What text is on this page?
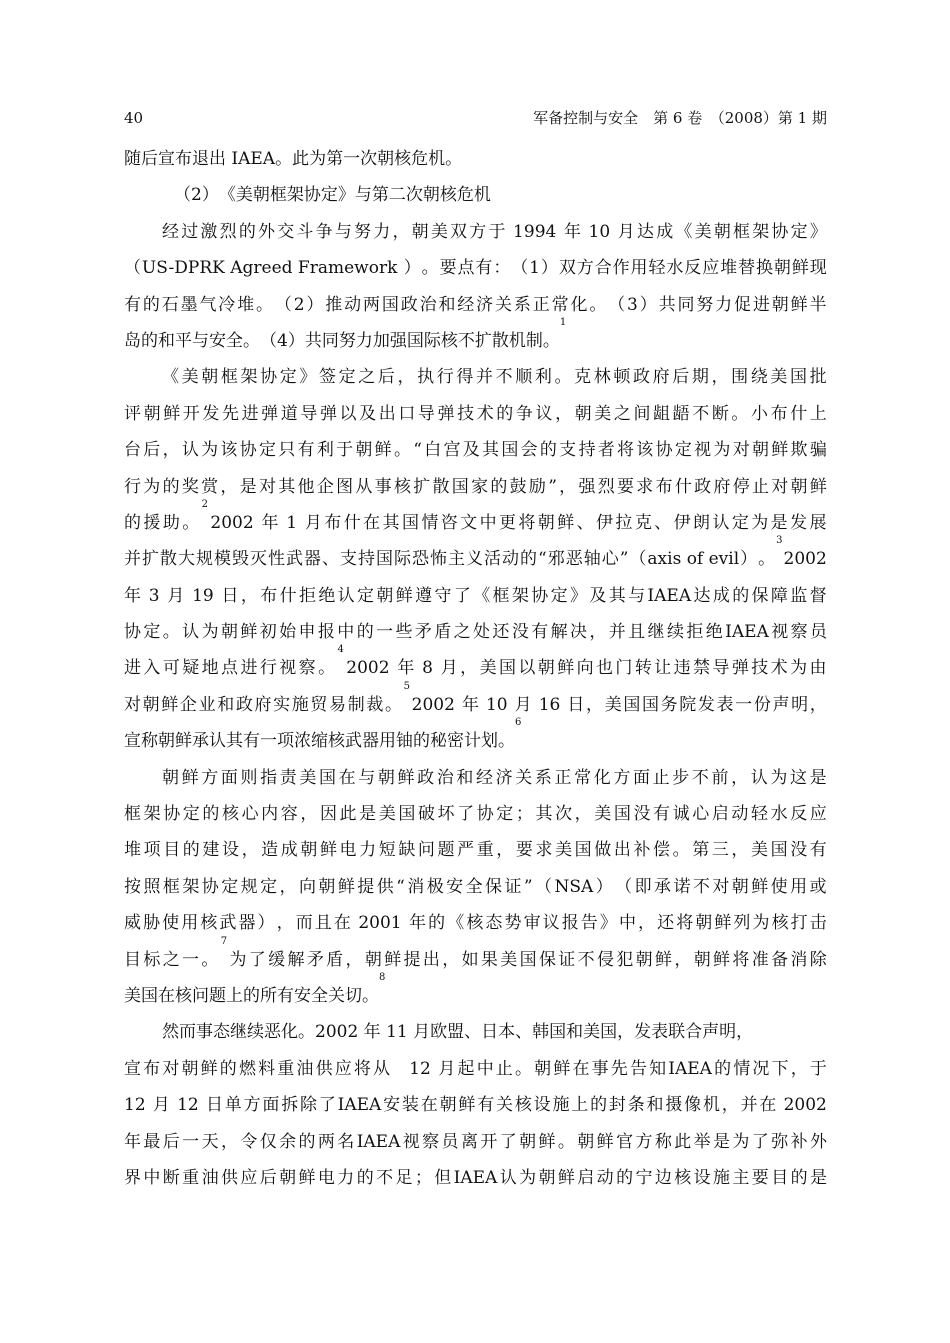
40	军备控制与安全　第 6 卷　（2008）第 1 期
随 后 宣 布 退 出 IAEA 。 此 为 第 一 次 朝 核 危 机 。
（ 2 ） 《 美 朝 框 架 协 定 》 与 第 二 次 朝 核 危 机
经 过 激 烈 的 外 交 斗 争 与 努 力 ， 朝 美 双 方 于 1994 年 10 月 达 成 《 美 朝 框 架 协 定 》
（ US-DPRK Agreed Framework ） 。 要 点 有 ： （ 1 ） 双 方 合 作 用 轻 水 反 应 堆 替 换 朝 鲜 现
有 的 石 墨 气 冷 堆 。 （ 2 ） 推 动 两 国 政 治 和 经 济 关 系 正 常 化 。 （ 3 ） 共 同 努 力 促 进 朝 鲜 半
岛 的 和 平 与 安 全 。 （ 4 ） 共 同 努 力 加 强 国 际 核 不 扩 散 机 制 。
1
《 美 朝 框 架 协 定 》 签 定 之 后 ， 执 行 得 并 不 顺 利 。 克 林 顿 政 府 后 期 ， 围 绕 美 国 批
评 朝 鲜 开 发 先 进 弹 道 导 弹 以 及 出 口 导 弹 技 术 的 争 议 ， 朝 美 之 间 龃 龉 不 断 。 小 布 什 上
台 后 ， 认 为 该 协 定 只 有 利 于 朝 鲜 。 “ 白 宫 及 其 国 会 的 支 持 者 将 该 协 定 视 为 对 朝 鲜 欺 骗
行 为 的 奖 赏 ， 是 对 其 他 企 图 从 事 核 扩 散 国 家 的 鼓 励 ” ， 强 烈 要 求 布 什 政 府 停 止 对 朝 鲜
的 援 助 。
2
2002 年 1 月 布 什 在 其 国 情 咨 文 中 更 将 朝 鲜 、 伊 拉 克 、 伊 朗 认 定 为 是 发 展
并 扩 散 大 规 模 毁 灭 性 武 器 、 支 持 国 际 恐 怖 主 义 活 动 的 “ 邪 恶 轴 心 ” （ axis of evil ） 。
3
2002
年 3 月 19 日 ， 布 什 拒 绝 认 定 朝 鲜 遵 守 了 《 框 架 协 定 》 及 其 与 IAEA 达 成 的 保 障 监 督
协 定 。 认 为 朝 鲜 初 始 申 报 中 的 一 些 矛 盾 之 处 还 没 有 解 决 ， 并 且 继 续 拒 绝 IAEA 视 察 员
进 入 可 疑 地 点 进 行 视 察 。
4
2002 年 8 月 ， 美 国 以 朝 鲜 向 也 门 转 让 违 禁 导 弹 技 术 为 由
对 朝 鲜 企 业 和 政 府 实 施 贸 易 制 裁 。
5
2002 年 10 月 16 日 ， 美 国 国 务 院 发 表 一 份 声 明 ，
宣 称 朝 鲜 承 认 其 有 一 项 浓 缩 核 武 器 用 铀 的 秘 密 计 划 。
6
朝 鲜 方 面 则 指 责 美 国 在 与 朝 鲜 政 治 和 经 济 关 系 正 常 化 方 面 止 步 不 前 ， 认 为 这 是
框 架 协 定 的 核 心 内 容 ， 因 此 是 美 国 破 坏 了 协 定 ； 其 次 ， 美 国 没 有 诚 心 启 动 轻 水 反 应
堆 项 目 的 建 设 ， 造 成 朝 鲜 电 力 短 缺 问 题 严 重 ， 要 求 美 国 做 出 补 偿 。 第 三 ， 美 国 没 有
按 照 框 架 协 定 规 定 ， 向 朝 鲜 提 供 “ 消 极 安 全 保 证 ” （ NSA ） （ 即 承 诺 不 对 朝 鲜 使 用 或
威 胁 使 用 核 武 器 ） ， 而 且 在 2001 年 的 《 核 态 势 审 议 报 告 》 中 ， 还 将 朝 鲜 列 为 核 打 击
目 标 之 一 。
7
为 了 缓 解 矛 盾 ， 朝 鲜 提 出 ， 如 果 美 国 保 证 不 侵 犯 朝 鲜 ， 朝 鲜 将 准 备 消 除
美 国 在 核 问 题 上 的 所 有 安 全 关 切 。
8
然 而 事 态 继 续 恶 化 。 2002 年 11 月 欧 盟 、 日 本 、 韩 国 和 美 国 ， 发 表 联 合 声 明 ，
宣 布 对 朝 鲜 的 燃 料 重 油 供 应 将 从 　12 月 起 中 止 。 朝 鲜 在 事 先 告 知 IAEA 的 情 况 下 ， 于
12 月 12 日 单 方 面 拆 除 了 IAEA 安 装 在 朝 鲜 有 关 核 设 施 上 的 封 条 和 摄 像 机 ， 并 在 2002
年 最 后 一 天 ， 令 仅 余 的 两 名 IAEA 视 察 员 离 开 了 朝 鲜 。 朝 鲜 官 方 称 此 举 是 为 了 弥 补 外
界 中 断 重 油 供 应 后 朝 鲜 电 力 的 不 足 ； 但 IAEA 认 为 朝 鲜 启 动 的 宁 边 核 设 施 主 要 目 的 是
